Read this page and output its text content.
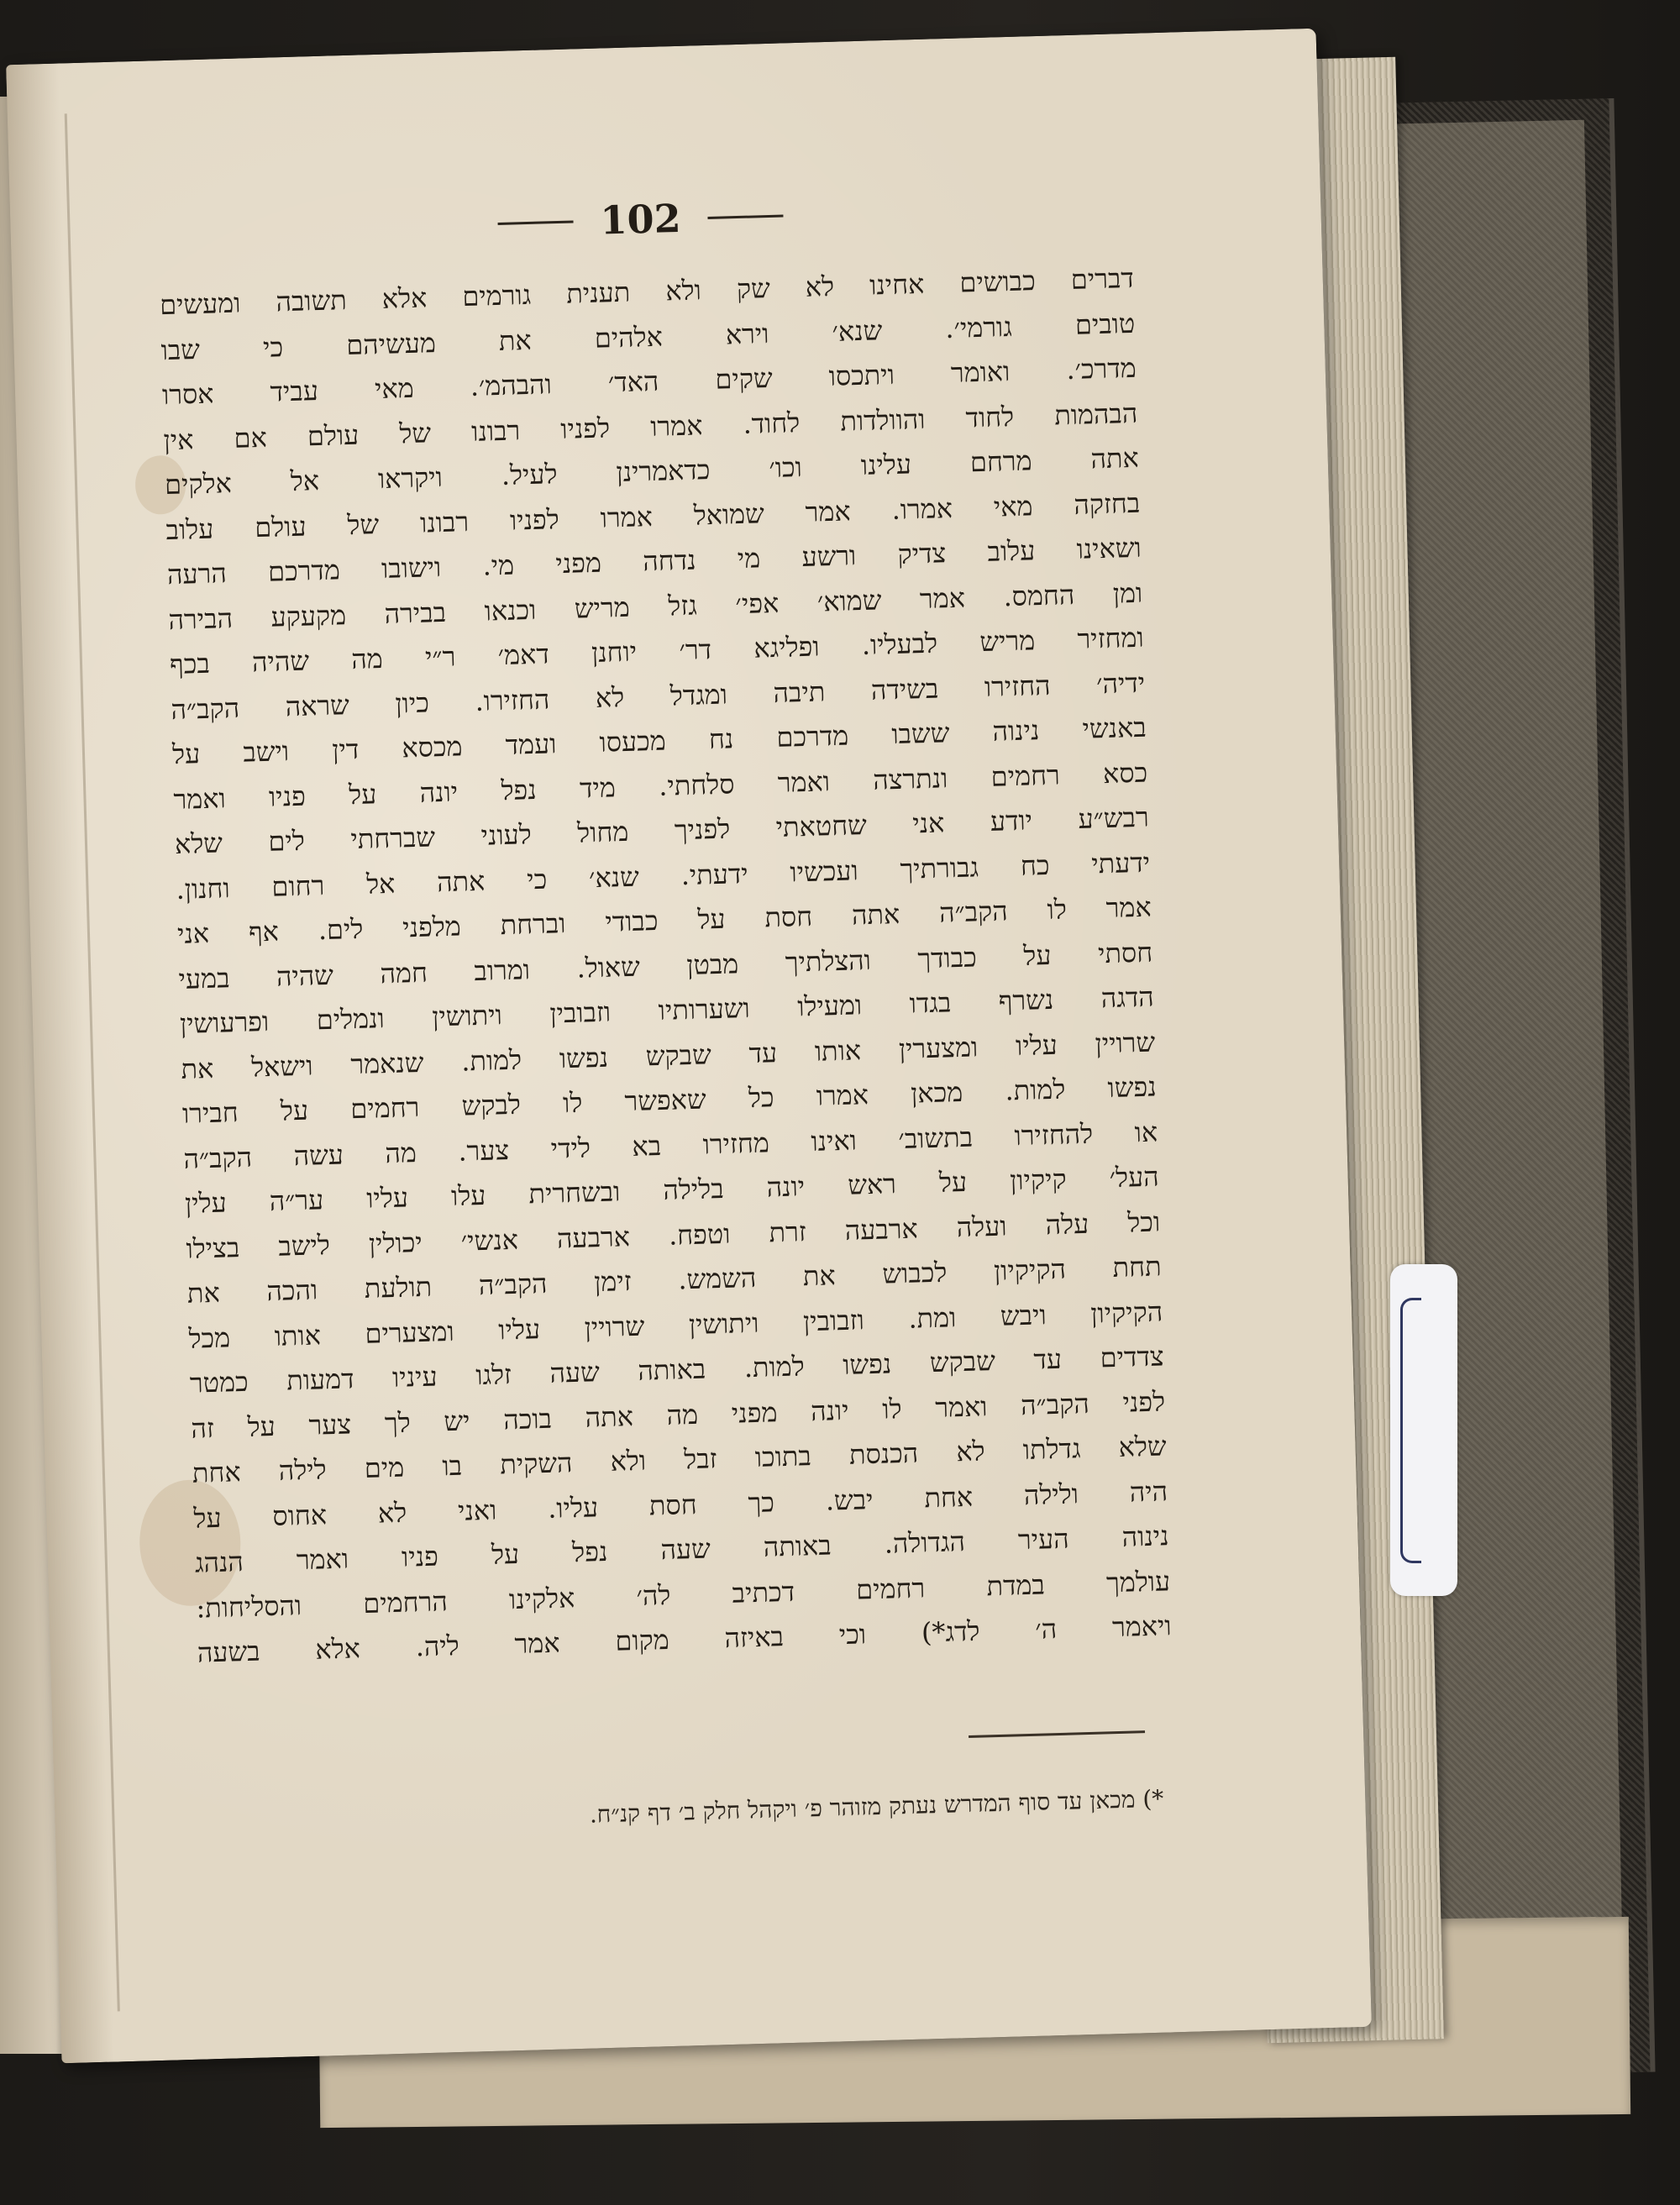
102
דברים כבושים אחינו לא שק ולא תענית גורמים אלא תשובה ומעשים
טובים גורמי׳. שנא׳ וירא אלהים את מעשיהם כי שבו
מדרכ׳. ואומר ויתכסו שקים האד׳ והבהמ׳. מאי עביד אסרו
הבהמות לחוד והוולדות לחוד. אמרו לפניו רבונו של עולם אם אין
אתה מרחם עלינו וכו׳ כדאמרינן לעיל. ויקראו אל אלקים
בחזקה מאי אמרו. אמר שמואל אמרו לפניו רבונו של עולם עלוב
ושאינו עלוב צדיק ורשע מי נדחה מפני מי. וישובו מדרכם הרעה
ומן החמס. אמר שמוא׳ אפי׳ גזל מריש וכנאו בבירה מקעקע הבירה
ומחזיר מריש לבעליו. ופליגא דר׳ יוחנן דאמ׳ ר״י מה שהיה בכף
ידיה׳ החזירו בשידה תיבה ומגדל לא החזירו. כיון שראה הקב״ה
באנשי נינוה ששבו מדרכם נח מכעסו ועמד מכסא דין וישב על
כסא רחמים ונתרצה ואמר סלחתי. מיד נפל יונה על פניו ואמר
רבש״ע יודע אני שחטאתי לפניך מחול לעוני שברחתי לים שלא
ידעתי כח גבורתיך ועכשיו ידעתי. שנא׳ כי אתה אל רחום וחנון.
אמר לו הקב״ה אתה חסת על כבודי וברחת מלפני לים. אף אני
חסתי על כבודך והצלתיך מבטן שאול. ומרוב חמה שהיה במעי
הדגה נשרף בגדו ומעילו ושערותיו וזבובין ויתושין ונמלים ופרעושין
שרויין עליו ומצערין אותו עד שבקש נפשו למות. שנאמר וישאל את
נפשו למות. מכאן אמרו כל שאפשר לו לבקש רחמים על חבירו
או להחזירו בתשוב׳ ואינו מחזירו בא לידי צער. מה עשה הקב״ה
העל׳ קיקיון על ראש יונה בלילה ובשחרית עלו עליו ער״ה עלין
וכל עלה ועלה ארבעה זרת וטפח. ארבעה אנשי׳ יכולין לישב בצילו
תחת הקיקיון לכבוש את השמש. זימן הקב״ה תולעת והכה את
הקיקיון ויבש ומת. וזבובין ויתושין שרויין עליו ומצערים אותו מכל
צדדים עד שבקש נפשו למות. באותה שעה זלגו עיניו דמעות כמטר
לפני הקב״ה ואמר לו יונה מפני מה אתה בוכה יש לך צער על זה
שלא גדלתו לא הכנסת בתוכו זבל ולא השקית בו מים לילה אחת
היה ולילה אחת יבש. כך חסת עליו. ואני לא אחוס על
נינוה העיר הגדולה. באותה שעה נפל על פניו ואמר הנהג
עולמך במדת רחמים דכתיב לה׳ אלקינו הרחמים והסליחות:
ויאמר ה׳ לדג*) וכי באיזה מקום אמר ליה. אלא בשעה
*) מכאן עד סוף המדרש נעתק מזוהר פ׳ ויקהל חלק ב׳ דף קנ״ח.
